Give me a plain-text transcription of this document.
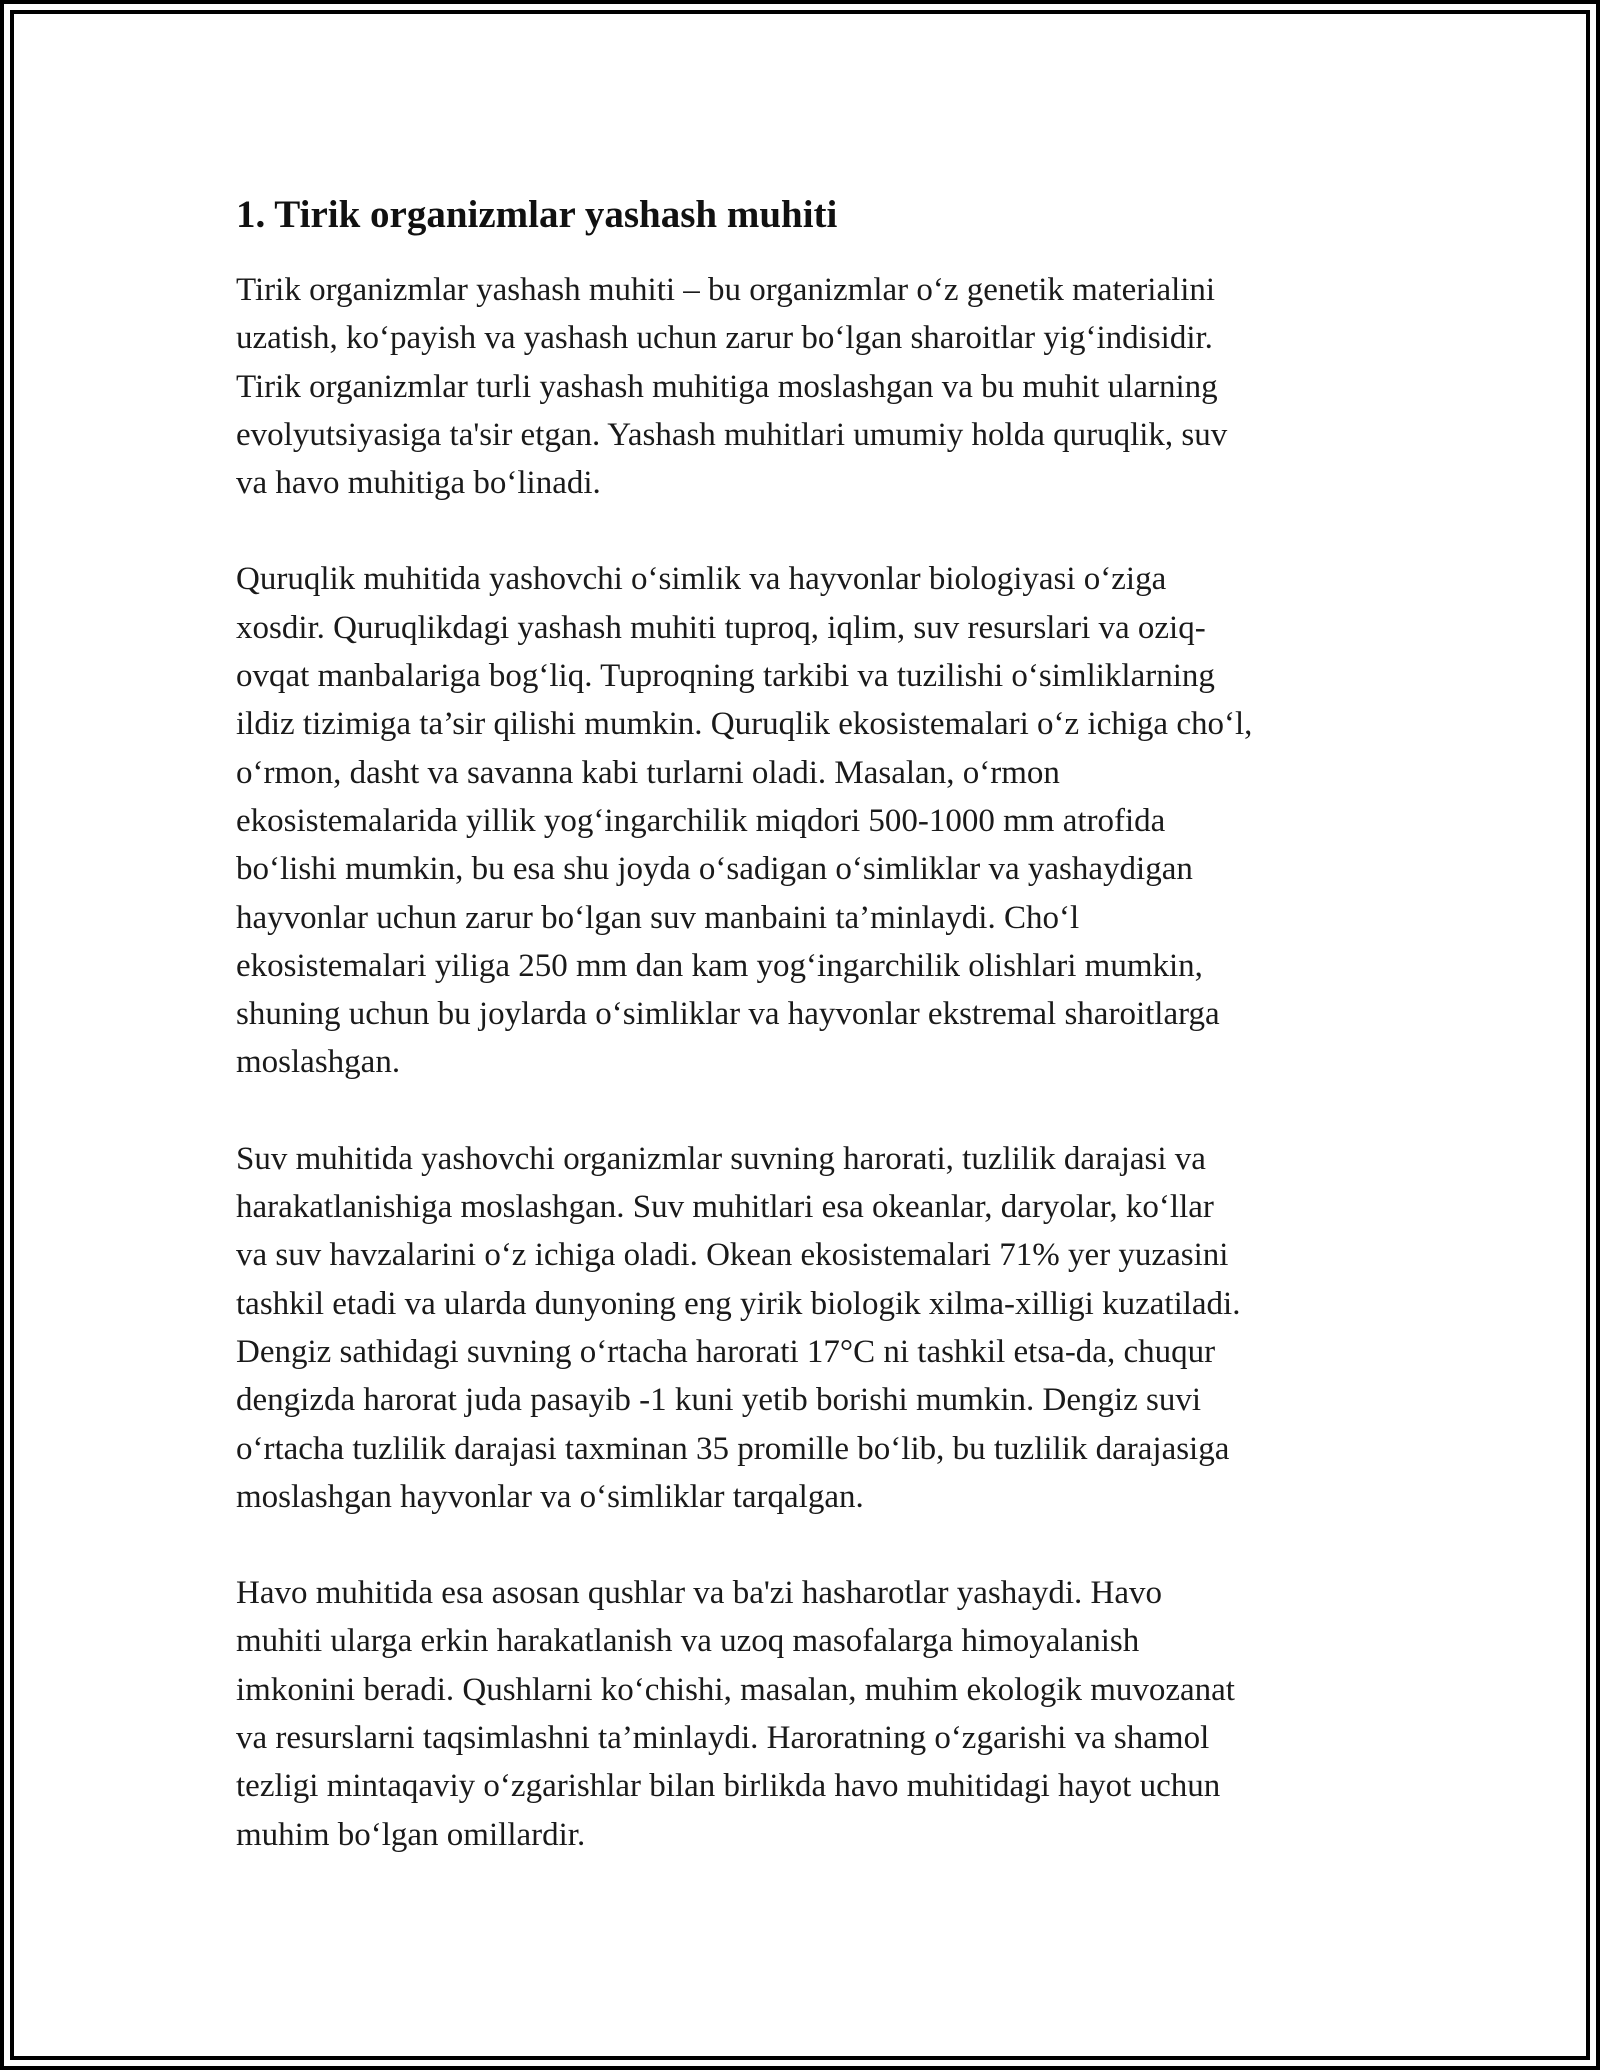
1. Tirik organizmlar yashash muhiti

Tirik organizmlar yashash muhiti – bu organizmlar o‘z genetik materialini
uzatish, ko‘payish va yashash uchun zarur bo‘lgan sharoitlar yig‘indisidir.
Tirik organizmlar turli yashash muhitiga moslashgan va bu muhit ularning
evolyutsiyasiga ta'sir etgan. Yashash muhitlari umumiy holda quruqlik, suv
va havo muhitiga bo‘linadi.

Quruqlik muhitida yashovchi o‘simlik va hayvonlar biologiyasi o‘ziga
xosdir. Quruqlikdagi yashash muhiti tuproq, iqlim, suv resurslari va oziq-
ovqat manbalariga bog‘liq. Tuproqning tarkibi va tuzilishi o‘simliklarning
ildiz tizimiga ta’sir qilishi mumkin. Quruqlik ekosistemalari o‘z ichiga cho‘l,
o‘rmon, dasht va savanna kabi turlarni oladi. Masalan, o‘rmon
ekosistemalarida yillik yog‘ingarchilik miqdori 500-1000 mm atrofida
bo‘lishi mumkin, bu esa shu joyda o‘sadigan o‘simliklar va yashaydigan
hayvonlar uchun zarur bo‘lgan suv manbaini ta’minlaydi. Cho‘l
ekosistemalari yiliga 250 mm dan kam yog‘ingarchilik olishlari mumkin,
shuning uchun bu joylarda o‘simliklar va hayvonlar ekstremal sharoitlarga
moslashgan.

Suv muhitida yashovchi organizmlar suvning harorati, tuzlilik darajasi va
harakatlanishiga moslashgan. Suv muhitlari esa okeanlar, daryolar, ko‘llar
va suv havzalarini o‘z ichiga oladi. Okean ekosistemalari 71% yer yuzasini
tashkil etadi va ularda dunyoning eng yirik biologik xilma-xilligi kuzatiladi.
Dengiz sathidagi suvning o‘rtacha harorati 17°C ni tashkil etsa-da, chuqur
dengizda harorat juda pasayib -1 kuni yetib borishi mumkin. Dengiz suvi
o‘rtacha tuzlilik darajasi taxminan 35 promille bo‘lib, bu tuzlilik darajasiga
moslashgan hayvonlar va o‘simliklar tarqalgan.

Havo muhitida esa asosan qushlar va ba'zi hasharotlar yashaydi. Havo
muhiti ularga erkin harakatlanish va uzoq masofalarga himoyalanish
imkonini beradi. Qushlarni ko‘chishi, masalan, muhim ekologik muvozanat
va resurslarni taqsimlashni ta’minlaydi. Haroratning o‘zgarishi va shamol
tezligi mintaqaviy o‘zgarishlar bilan birlikda havo muhitidagi hayot uchun
muhim bo‘lgan omillardir.
